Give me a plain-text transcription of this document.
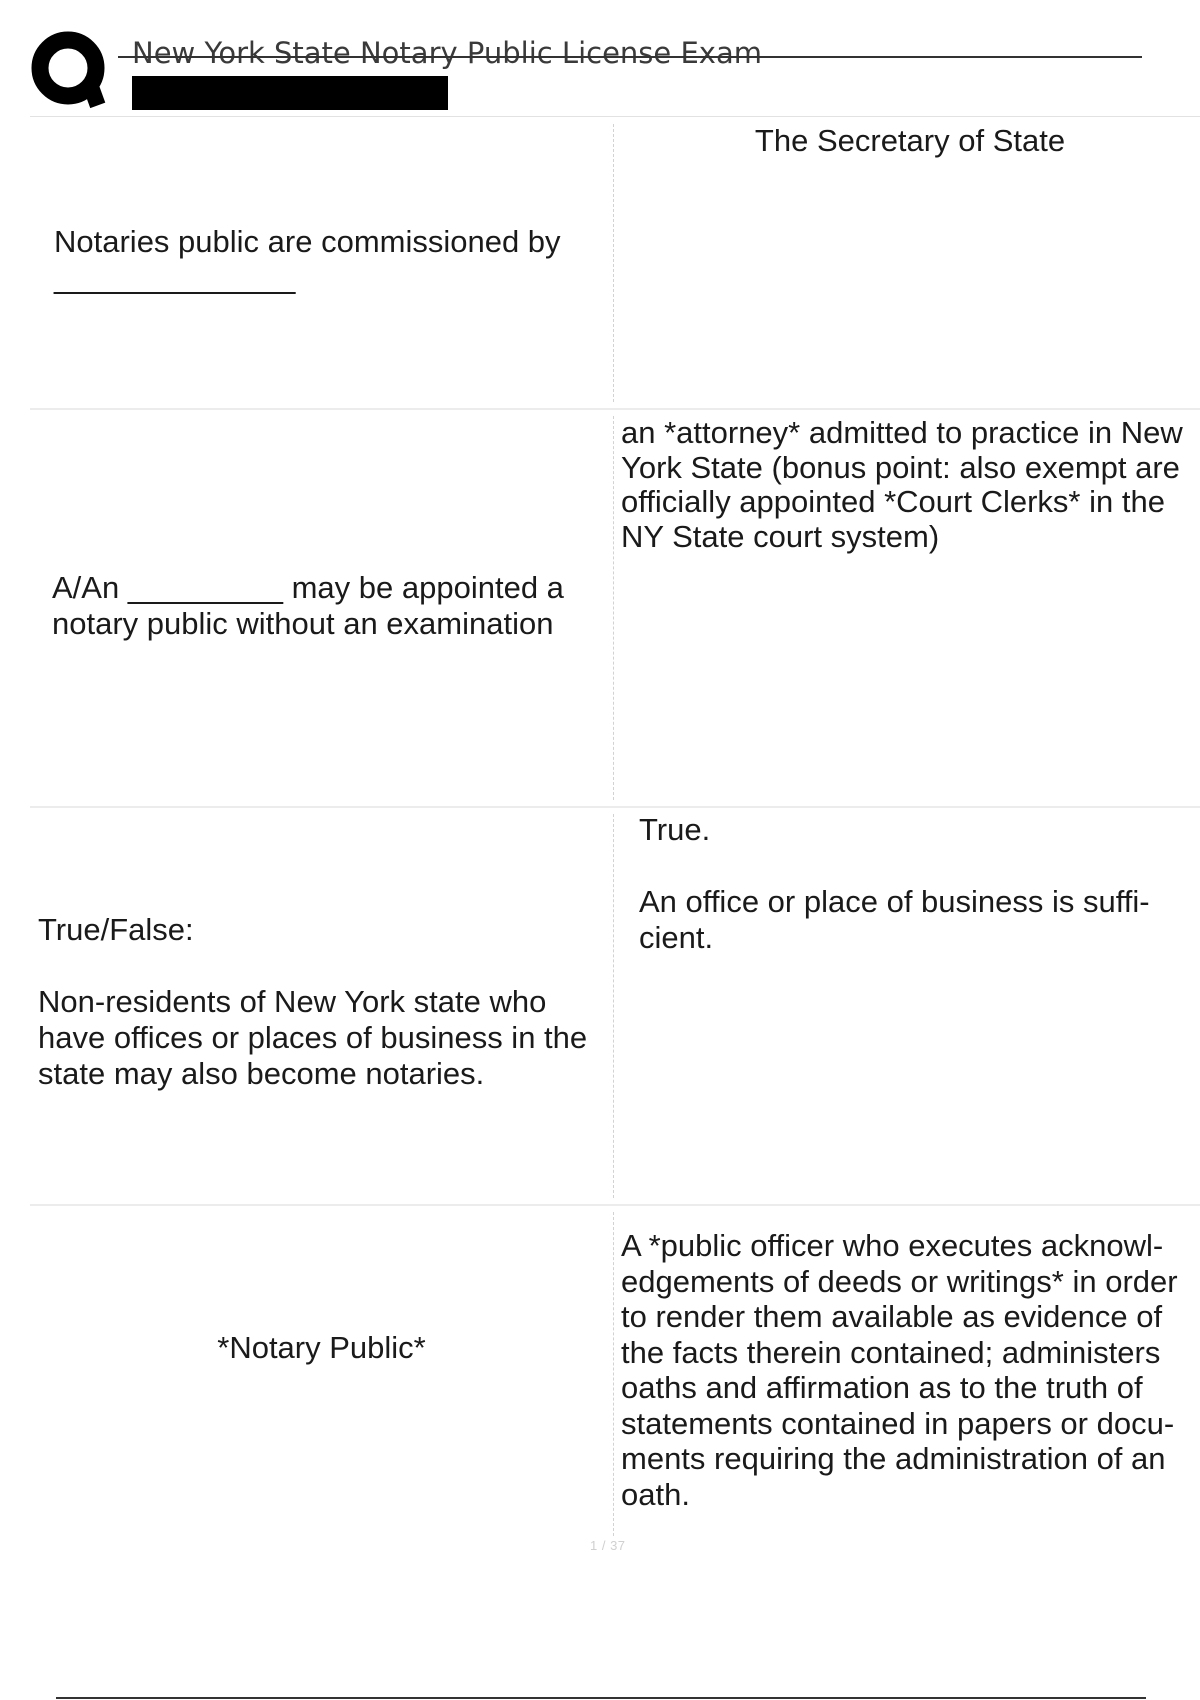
New York State Notary Public License Exam
Notaries public are commissioned by
______________
The Secretary of State
A/An _________ may be appointed a notary public without an examination
an *attorney* admitted to practice in New York State (bonus point: also exempt are officially appointed *Court Clerks* in the NY State court system)
True/False:

Non-residents of New York state who have offices or places of business in the state may also become notaries.
True.

An office or place of business is suffi- cient.
*Notary Public*
A *public officer who executes acknowl- edgements of deeds or writings* in order to render them available as evidence of the facts therein contained; administers oaths and affirmation as to the truth of statements contained in papers or docu- ments requiring the administration of an oath.
1 / 37
